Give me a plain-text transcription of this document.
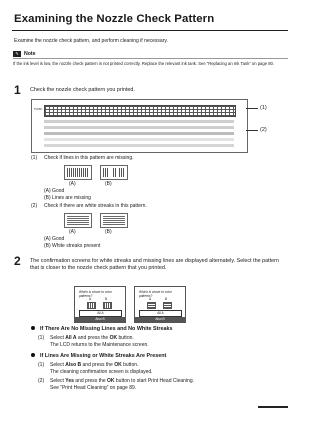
Examining the Nozzle Check Pattern
Examine the nozzle check pattern, and perform cleaning if necessary.
✎	Note
If the ink level is low, the nozzle check pattern is not printed correctly. Replace the relevant ink tank. See “Replacing an Ink Tank” on page 80.
1 Check the nozzle check pattern you printed.
PGBK	(1)
(2)
(1) Check if lines in this pattern are missing.
(A)	(B)
(A) Good
(B) Lines are missing
(2) Check if there are white streaks in this pattern.
(A)	(B)
(A) Good
(B) White streaks present
2 The confirmation screens for white streaks and missing lines are displayed alternately. Select the pattern that is closer to the nozzle check pattern that you printed.
Which is closer to color patterns?
A	B
All A
Also B
Which is closer to color patterns?
A	B
All A
Also B
If There Are No Missing Lines and No White Streaks
(1) Select All A and press the OK button.
The LCD returns to the Maintenance screen.
If Lines Are Missing or White Streaks Are Present
(1) Select Also B and press the OK button.
The cleaning confirmation screen is displayed.
(2) Select Yes and press the OK button to start Print Head Cleaning.
See “Print Head Cleaning” on page 89.
